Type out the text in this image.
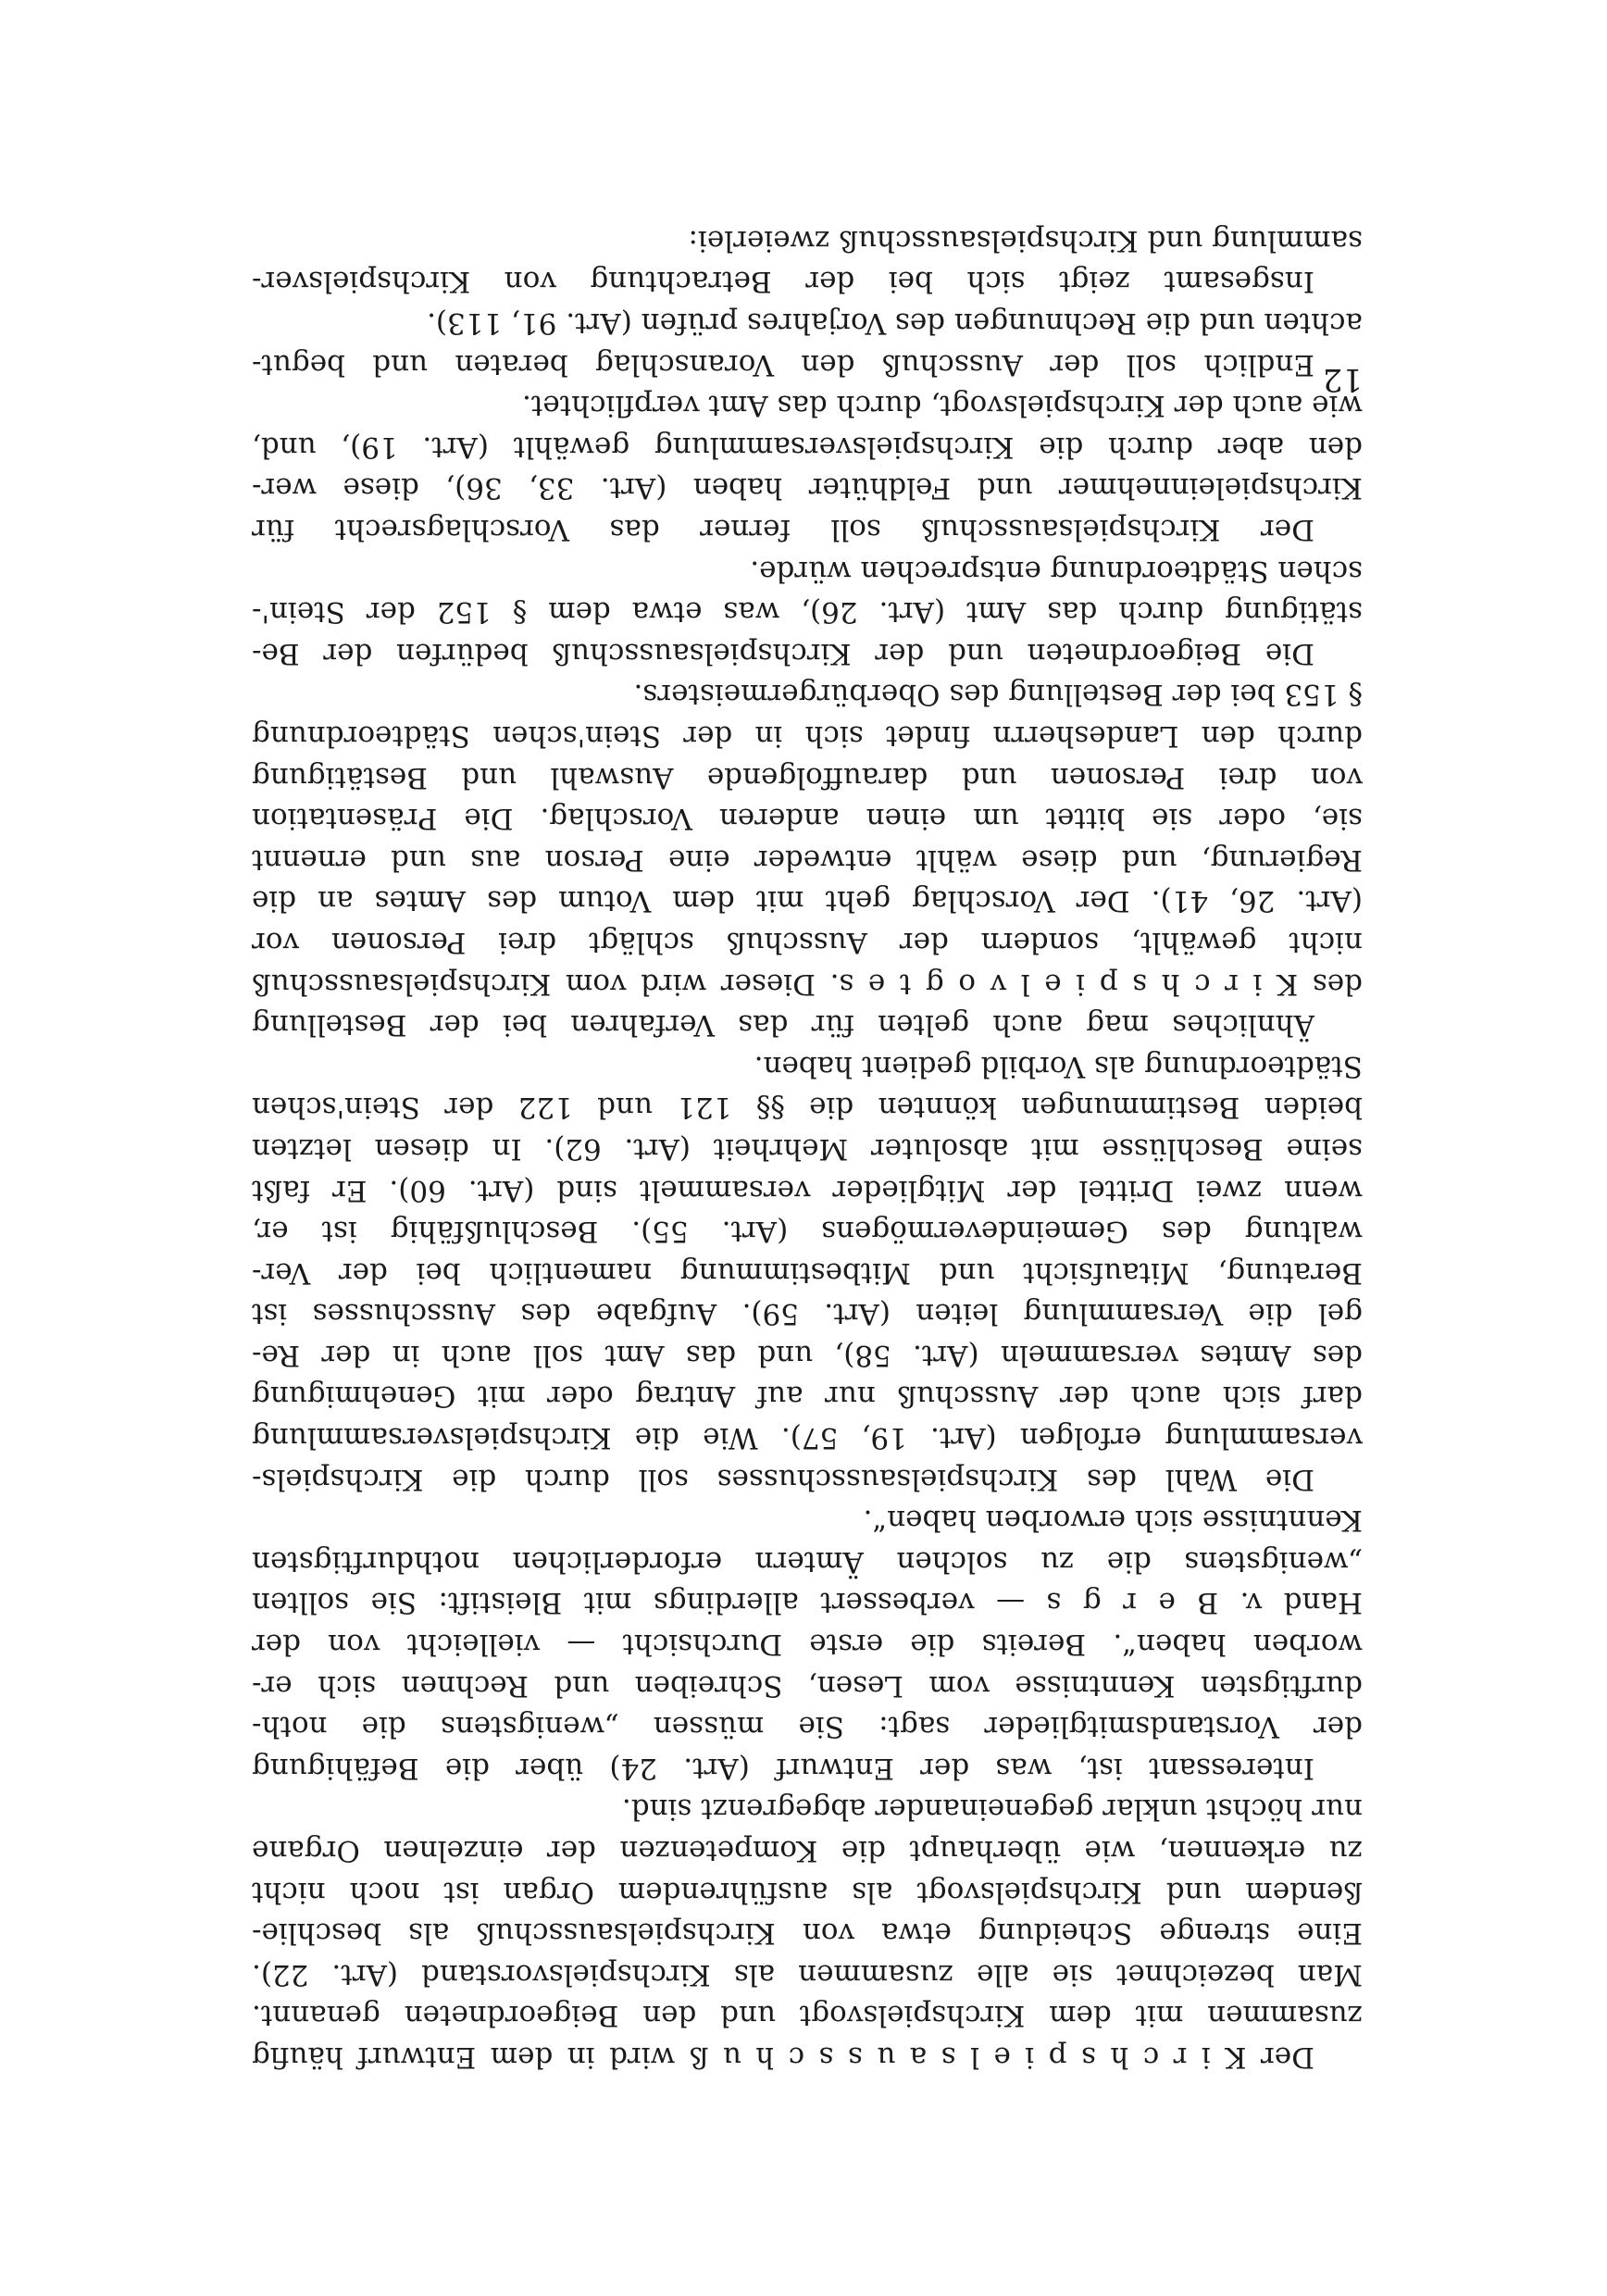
Der K i r c h s p i e l s a u s s c h u ß wird in dem Entwurf häufig
zusammen mit dem Kirchspielsvogt und den Beigeordneten genannt.
Man bezeichnet sie alle zusammen als Kirchspielsvorstand (Art. 22).
Eine strenge Scheidung etwa von Kirchspielsausschuß als beschlie-
ßendem und Kirchspielsvogt als ausführendem Organ ist noch nicht
zu erkennen, wie überhaupt die Kompetenzen der einzelnen Organe
nur höchst unklar gegeneinander abgegrenzt sind.
Interessant ist, was der Entwurf (Art. 24) über die Befähigung
der Vorstandsmitglieder sagt: Sie müssen „wenigstens die noth-
durftigsten Kenntnisse vom Lesen, Schreiben und Rechnen sich er-
worben haben“. Bereits die erste Durchsicht — vielleicht von der
Hand v. B e r g s — verbessert allerdings mit Bleistift: Sie sollten
„wenigstens die zu solchen Ämtern erforderlichen nothdurftigsten
Kenntnisse sich erworben haben“.
Die Wahl des Kirchspielsausschusses soll durch die Kirchspiels-
versammlung erfolgen (Art. 19, 57). Wie die Kirchspielsversammlung
darf sich auch der Ausschuß nur auf Antrag oder mit Genehmigung
des Amtes versammeln (Art. 58), und das Amt soll auch in der Re-
gel die Versammlung leiten (Art. 59). Aufgabe des Ausschusses ist
Beratung, Mitaufsicht und Mitbestimmung namentlich bei der Ver-
waltung des Gemeindevermögens (Art. 55). Beschlußfähig ist er,
wenn zwei Drittel der Mitglieder versammelt sind (Art. 60). Er faßt
seine Beschlüsse mit absoluter Mehrheit (Art. 62). In diesen letzten
beiden Bestimmungen könnten die §§ 121 und 122 der Stein'schen
Städteordnung als Vorbild gedient haben.
Ähnliches mag auch gelten für das Verfahren bei der Bestellung
des K i r c h s p i e l v o g t e s. Dieser wird vom Kirchspielsausschuß
nicht gewählt, sondern der Ausschuß schlägt drei Personen vor
(Art. 26, 41). Der Vorschlag geht mit dem Votum des Amtes an die
Regierung, und diese wählt entweder eine Person aus und ernennt
sie, oder sie bittet um einen anderen Vorschlag. Die Präsentation
von drei Personen und darauffolgende Auswahl und Bestätigung
durch den Landesherrn findet sich in der Stein'schen Städteordnung
§ 153 bei der Bestellung des Oberbürgermeisters.
Die Beigeordneten und der Kirchspielsausschuß bedürfen der Be-
stätigung durch das Amt (Art. 26), was etwa dem § 152 der Stein'-
schen Städteordnung entsprechen würde.
Der Kirchspielsausschuß soll ferner das Vorschlagsrecht für
Kirchspieleinnehmer und Feldhüter haben (Art. 33, 36), diese wer-
den aber durch die Kirchspielsversammlung gewählt (Art. 19), und,
wie auch der Kirchspielsvogt, durch das Amt verpflichtet.
Endlich soll der Ausschuß den Voranschlag beraten und begut-
achten und die Rechnungen des Vorjahres prüfen (Art. 91, 113).
Insgesamt zeigt sich bei der Betrachtung von Kirchspielsver-
sammlung und Kirchspielsausschuß zweierlei:
12
